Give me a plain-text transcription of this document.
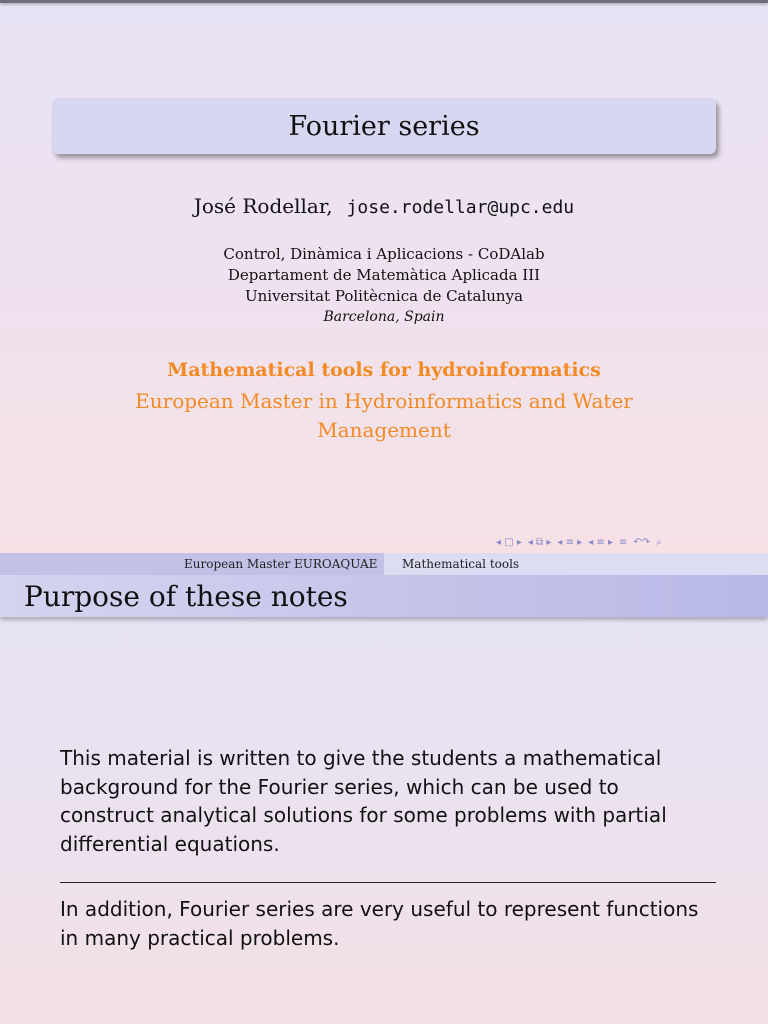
Fourier series
José Rodellar, jose.rodellar@upc.edu
Control, Dinàmica i Aplicacions - CoDAlab
Departament de Matemàtica Aplicada III
Universitat Politècnica de Catalunya
Barcelona, Spain
Mathematical tools for hydroinformatics
European Master in Hydroinformatics and Water
Management
◂ □ ▸ ◂ ⧉ ▸ ◂ ≡ ▸ ◂ ≡ ▸ ≡ ↶↷ ⌕
European Master EUROAQUAE Mathematical tools
Purpose of these notes
This material is written to give the students a mathematical background for the Fourier series, which can be used to construct analytical solutions for some problems with partial differential equations.
In addition, Fourier series are very useful to represent functions in many practical problems.
